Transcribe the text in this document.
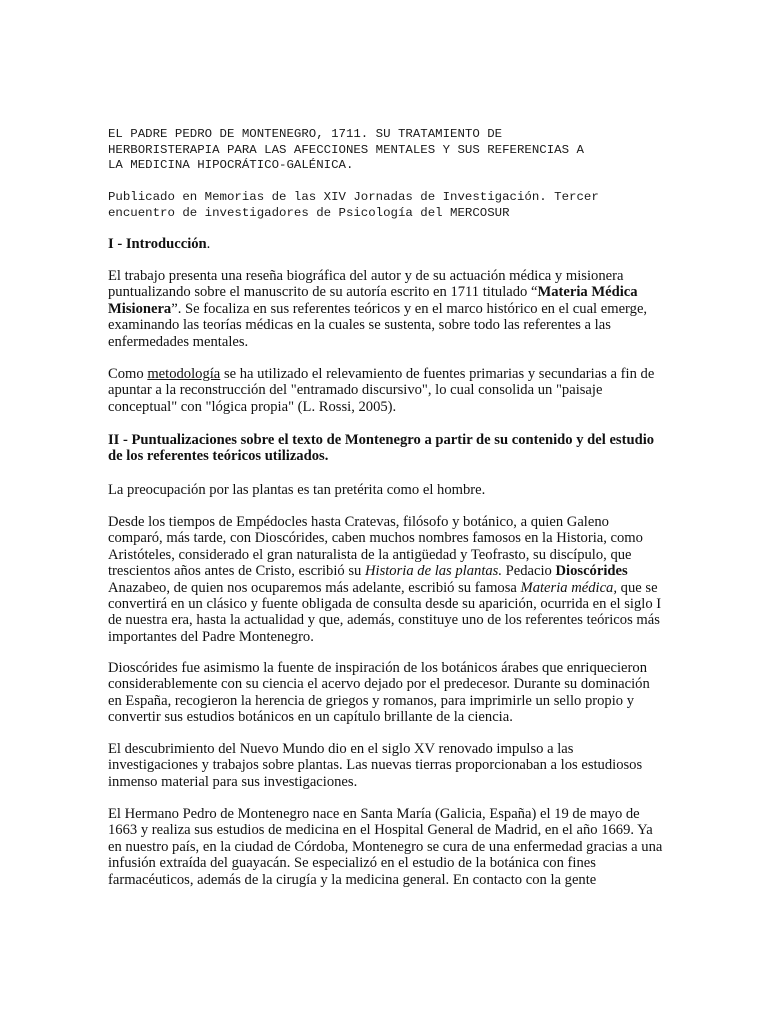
EL PADRE PEDRO DE MONTENEGRO, 1711. SU TRATAMIENTO DE
HERBORISTERAPIA PARA LAS AFECCIONES MENTALES Y SUS REFERENCIAS A
LA MEDICINA HIPOCRÁTICO-GALÉNICA.
Publicado en Memorias de las XIV Jornadas de Investigación. Tercer
encuentro de investigadores de Psicología del MERCOSUR

I - Introducción.

El trabajo presenta una reseña biográfica del autor y de su actuación médica y misionera puntualizando sobre el manuscrito de su autoría escrito en 1711 titulado “Materia Médica Misionera”. Se focaliza en sus referentes teóricos y en el marco histórico en el cual emerge, examinando las teorías médicas en la cuales se sustenta, sobre todo las referentes a las enfermedades mentales.

Como metodología se ha utilizado el relevamiento de fuentes primarias y secundarias a fin de apuntar a la reconstrucción del "entramado discursivo", lo cual consolida un "paisaje conceptual" con "lógica propia" (L. Rossi, 2005).

II - Puntualizaciones sobre el texto de Montenegro a partir de su contenido y del estudio de los referentes teóricos utilizados.

La preocupación por las plantas es tan pretérita como el hombre.

Desde los tiempos de Empédocles hasta Cratevas, filósofo y botánico, a quien Galeno comparó, más tarde, con Dioscórides, caben muchos nombres famosos en la Historia, como Aristóteles, considerado el gran naturalista de la antigüedad y Teofrasto, su discípulo, que trescientos años antes de Cristo, escribió su Historia de las plantas. Pedacio Dioscórides Anazabeo, de quien nos ocuparemos más adelante, escribió su famosa Materia médica, que se convertirá en un clásico y fuente obligada de consulta desde su aparición, ocurrida en el siglo I de nuestra era, hasta la actualidad y que, además, constituye uno de los referentes teóricos más importantes del Padre Montenegro.

Dioscórides fue asimismo la fuente de inspiración de los botánicos árabes que enriquecieron considerablemente con su ciencia el acervo dejado por el predecesor. Durante su dominación en España, recogieron la herencia de griegos y romanos, para imprimirle un sello propio y convertir sus estudios botánicos en un capítulo brillante de la ciencia.

El descubrimiento del Nuevo Mundo dio en el siglo XV renovado impulso a las investigaciones y trabajos sobre plantas. Las nuevas tierras proporcionaban a los estudiosos inmenso material para sus investigaciones.

El Hermano Pedro de Montenegro nace en Santa María (Galicia, España) el 19 de mayo de 1663 y realiza sus estudios de medicina en el Hospital General de Madrid, en el año 1669. Ya en nuestro país, en la ciudad de Córdoba, Montenegro se cura de una enfermedad gracias a una infusión extraída del guayacán. Se especializó en el estudio de la botánica con fines farmacéuticos, además de la cirugía y la medicina general. En contacto con la gente
